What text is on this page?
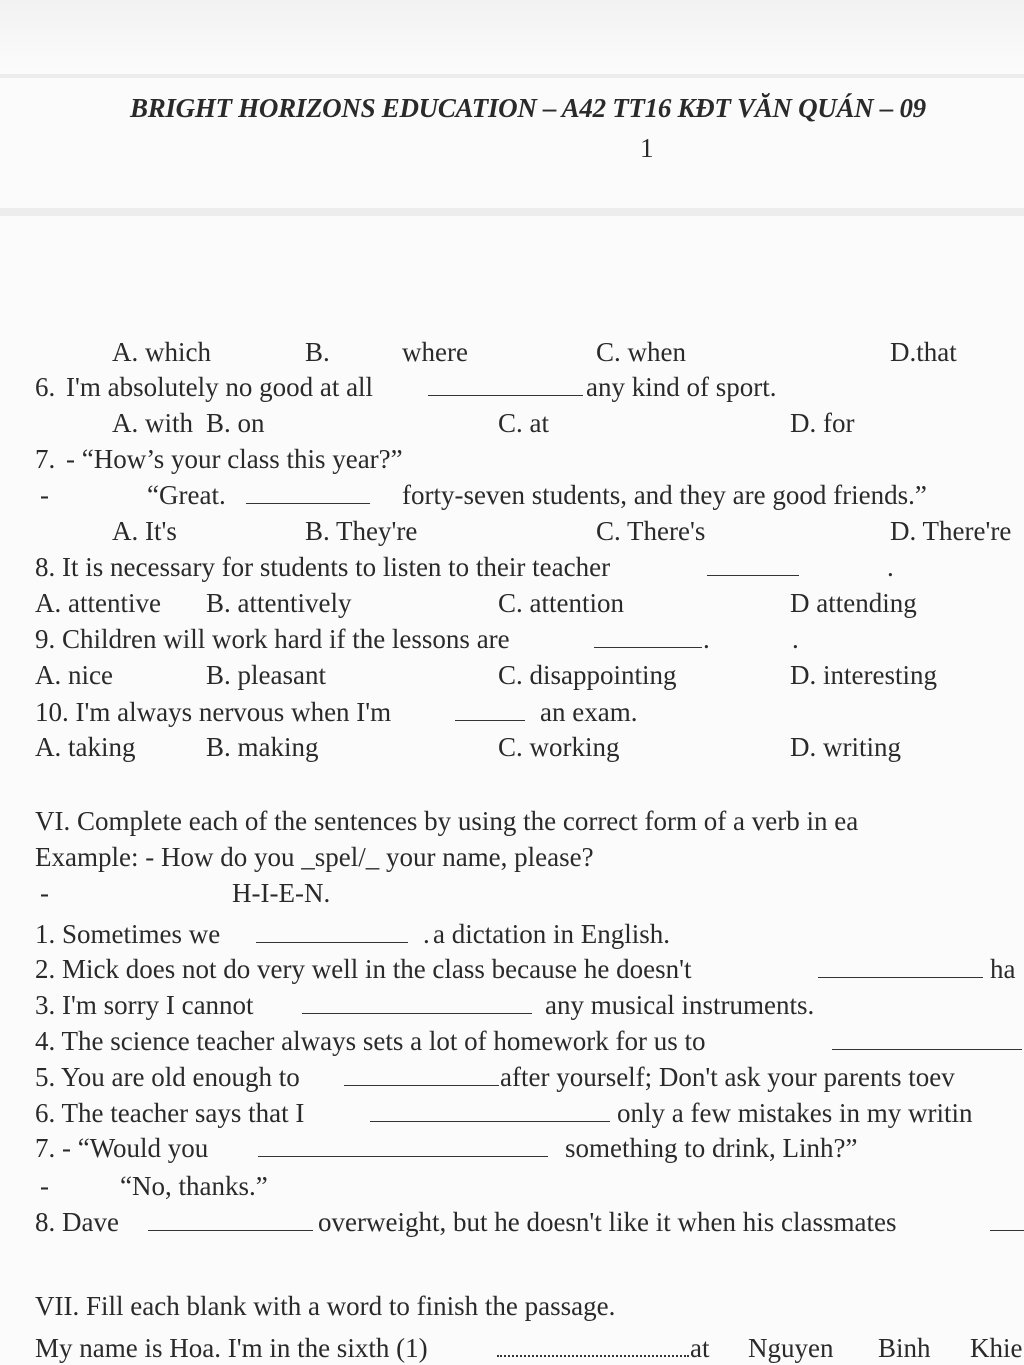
BRIGHT HORIZONS EDUCATION – A42 TT16 KĐT VĂN QUÁN – 09
1
A. which	B.	where	C. when	D.that
6. I'm absolutely no good at all	any kind of sport.
A. with B. on	C. at	D. for
7. - “How’s your class this year?”
-	“Great.	forty-seven students, and they are good friends.”
A. It's	B. They're	C. There's	D. There're
8. It is necessary for students to listen to their teacher	.
A. attentive B. attentively	C. attention	D attending
9. Children will work hard if the lessons are	.	.
A. nice	B. pleasant	C. disappointing	D. interesting
10. I'm always nervous when I'm	an exam.
A. taking	B. making	C. working	D. writing
VI. Complete each of the sentences by using the correct form of a verb in ea
Example: - How do you _spel/_ your name, please?
-	H-I-E-N.
1. Sometimes we	. a dictation in English.
2. Mick does not do very well in the class because he doesn't	ha
3. I'm sorry I cannot	any musical instruments.
4. The science teacher always sets a lot of homework for us to
5. You are old enough to	after yourself; Don't ask your parents toev
6. The teacher says that I	only a few mistakes in my writin
7. - “Would you	something to drink, Linh?”
-	“No, thanks.”
8. Dave	overweight, but he doesn't like it when his classmates
VII. Fill each blank with a word to finish the passage.
My name is Hoa. I'm in the sixth (1)	at Nguyen Binh Khie
